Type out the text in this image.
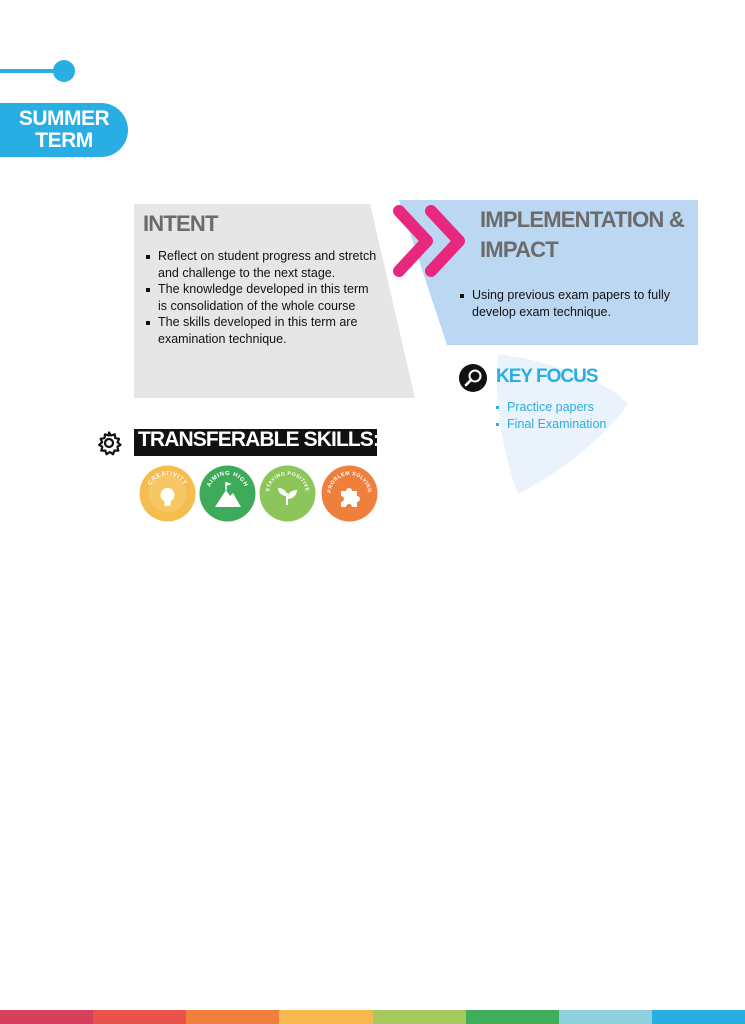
SUMMER
TERM
INTENT
Reflect on student progress and stretch and challenge to the next stage.
The knowledge developed in this term is consolidation of the whole course
The skills developed in this term are examination technique.
IMPLEMENTATION & IMPACT
Using previous exam papers to fully develop exam technique.
KEY FOCUS
Practice papers
Final Examination
TRANSFERABLE SKILLS:
CREATIVITY	AIMING HIGH
STAYING POSITIVE	PROBLEM SOLVING
